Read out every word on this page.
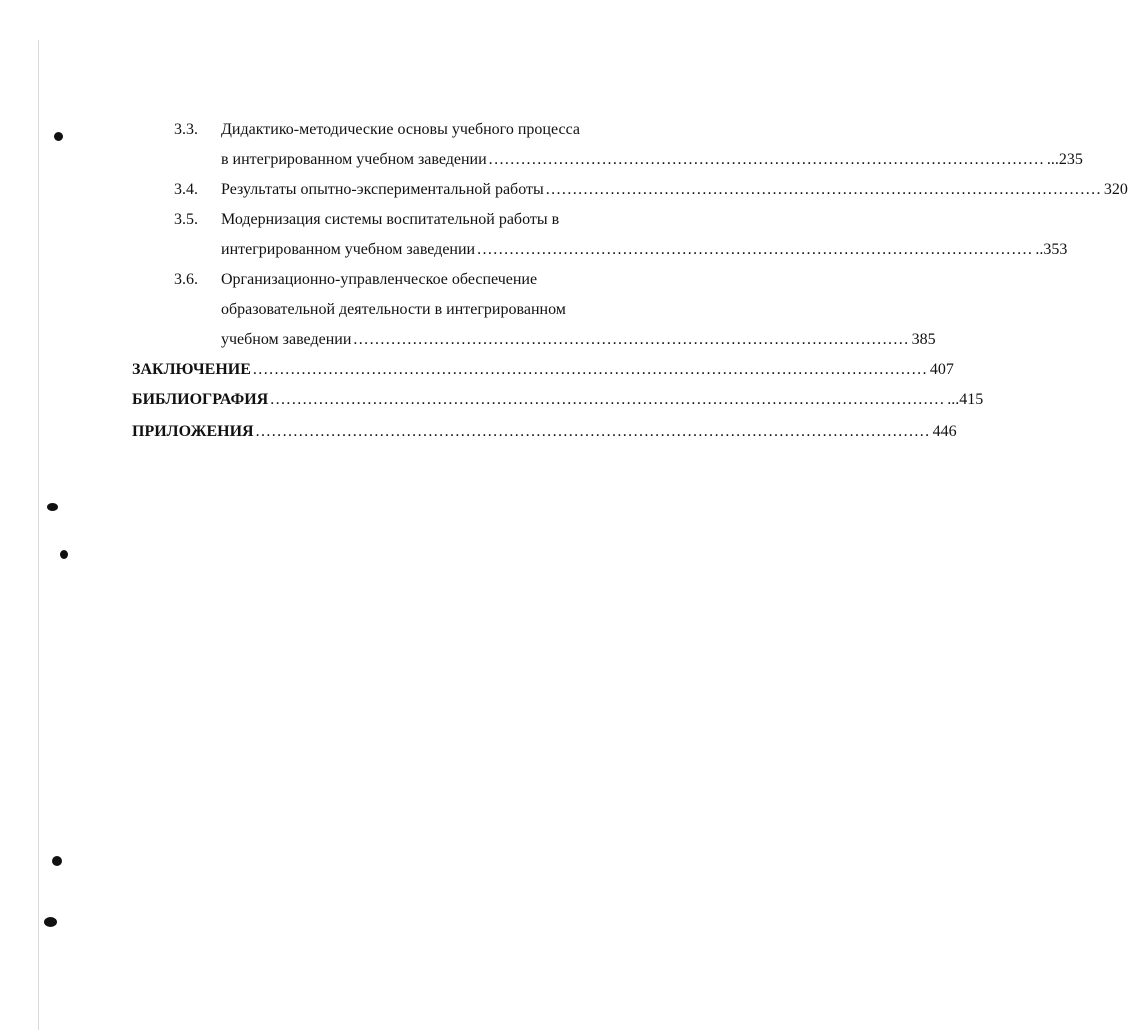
3.3. Дидактико-методические основы учебного процесса
в интегрированном учебном заведении ....................................................................................................... ...235
3.4. Результаты опытно-экспериментальной работы ....................................................................................................... 320
3.5. Модернизация системы воспитательной работы в
интегрированном учебном заведении ....................................................................................................... ..353
3.6. Организационно-управленческое обеспечение
образовательной деятельности в интегрированном
учебном заведении ....................................................................................................... 385
ЗАКЛЮЧЕНИЕ ............................................................................................................................. 407
БИБЛИОГРАФИЯ ............................................................................................................................. ...415
ПРИЛОЖЕНИЯ ............................................................................................................................. 446
